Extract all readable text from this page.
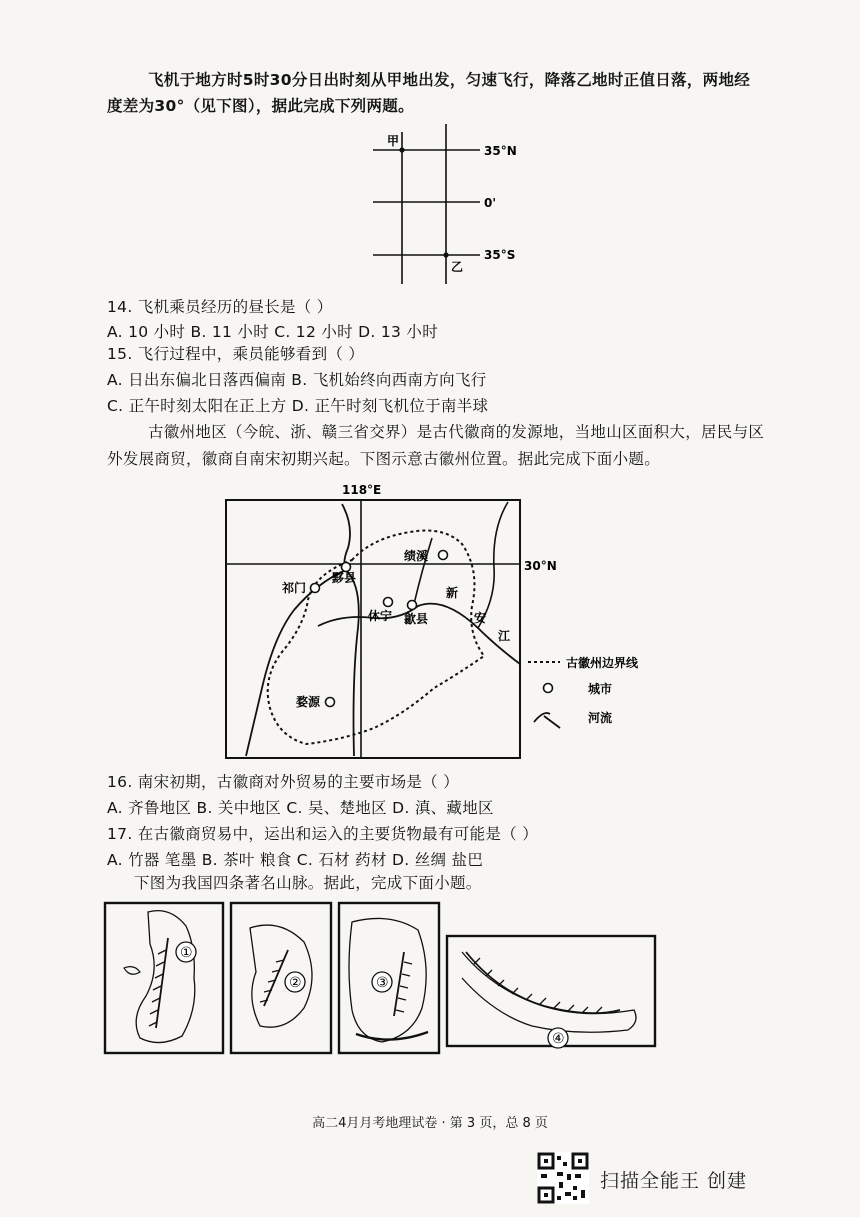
飞机于地方时5时30分日出时刻从甲地出发，匀速飞行，降落乙地时正值日落，两地经
度差为30°（见下图），据此完成下列两题。
甲
乙
35°N
0'
35°S
14. 飞机乘员经历的昼长是（ ）
A. 10 小时 B. 11 小时 C. 12 小时 D. 13 小时
15. 飞行过程中，乘员能够看到（ ）
A. 日出东偏北日落西偏南 B. 飞机始终向西南方向飞行
C. 正午时刻太阳在正上方 D. 正午时刻飞机位于南半球
古徽州地区（今皖、浙、赣三省交界）是古代徽商的发源地，当地山区面积大，居民与区
外发展商贸，徽商自南宋初期兴起。下图示意古徽州位置。据此完成下面小题。
118°E
30°N
绩溪
黟县
祁门
休宁 歙县
婺源
新
安
江
古徽州边界线
城市
河流
16. 南宋初期，古徽商对外贸易的主要市场是（ ）
A. 齐鲁地区 B. 关中地区 C. 吴、楚地区 D. 滇、藏地区
17. 在古徽商贸易中，运出和运入的主要货物最有可能是（ ）
A. 竹器 笔墨 B. 茶叶 粮食 C. 石材 药材 D. 丝绸 盐巴
下图为我国四条著名山脉。据此，完成下面小题。
①
②	③
④
高二4月月考地理试卷 · 第 3 页，总 8 页
扫描全能王 创建
